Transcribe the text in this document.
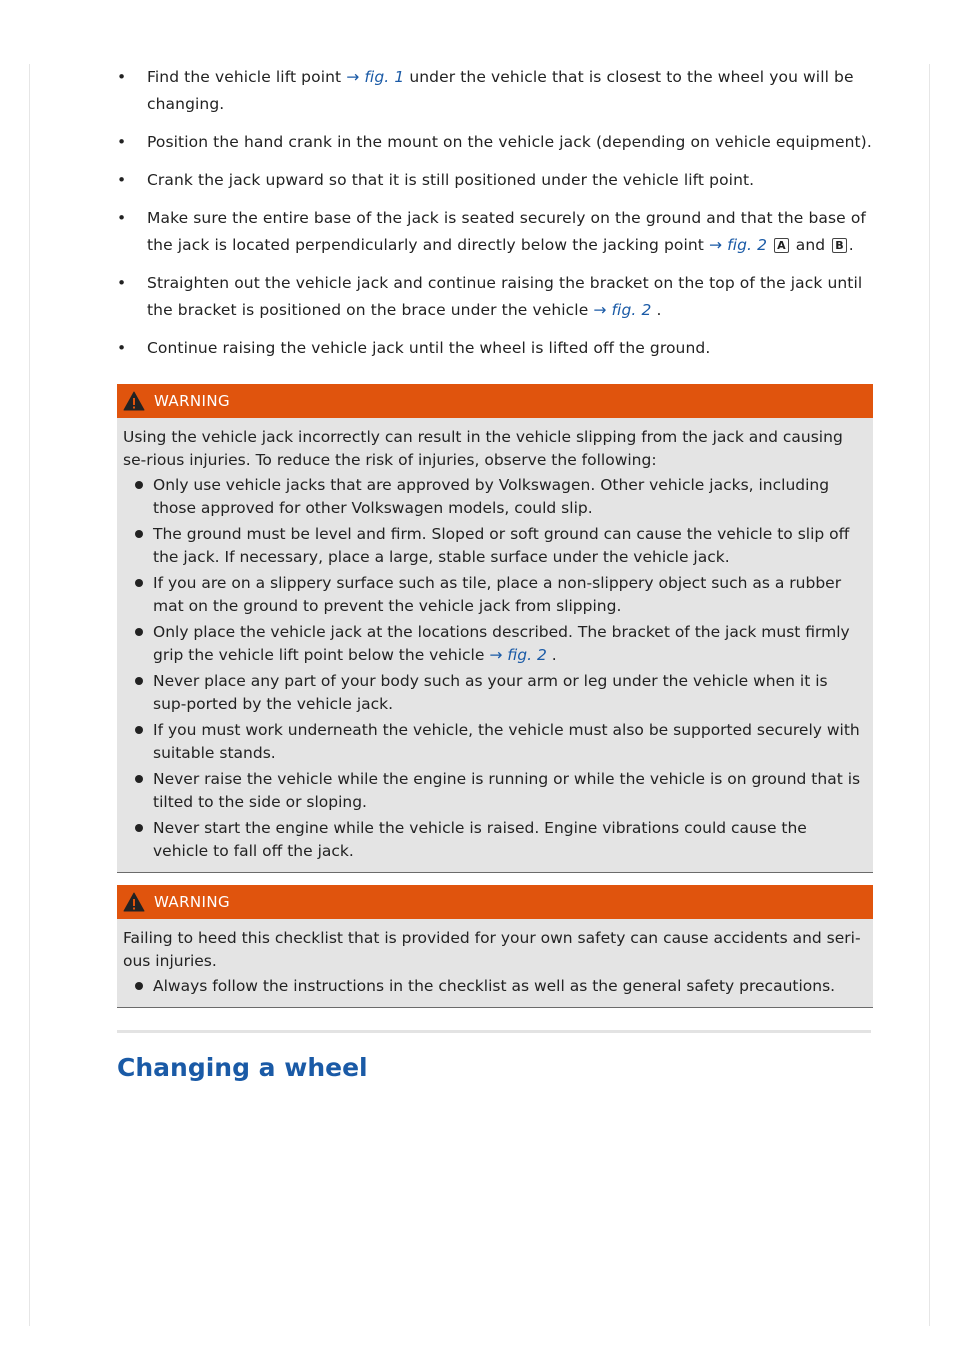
• Find the vehicle lift point → fig. 1 under the vehicle that is closest to the wheel you will be changing.
• Position the hand crank in the mount on the vehicle jack (depending on vehicle equipment).
• Crank the jack upward so that it is still positioned under the vehicle lift point.
• Make sure the entire base of the jack is seated securely on the ground and that the base of the jack is located perpendicularly and directly below the jacking point → fig. 2 A and B .
• Straighten out the vehicle jack and continue raising the bracket on the top of the jack until the bracket is positioned on the brace under the vehicle → fig. 2 .
• Continue raising the vehicle jack until the wheel is lifted off the ground.
WARNING

Using the vehicle jack incorrectly can result in the vehicle slipping from the jack and causing se-rious injuries. To reduce the risk of injuries, observe the following:

Only use vehicle jacks that are approved by Volkswagen. Other vehicle jacks, including those approved for other Volkswagen models, could slip.
The ground must be level and firm. Sloped or soft ground can cause the vehicle to slip off the jack. If necessary, place a large, stable surface under the vehicle jack.
If you are on a slippery surface such as tile, place a non-slippery object such as a rubber mat on the ground to prevent the vehicle jack from slipping.
Only place the vehicle jack at the locations described. The bracket of the jack must firmly grip the vehicle lift point below the vehicle → fig. 2 .
Never place any part of your body such as your arm or leg under the vehicle when it is sup-ported by the vehicle jack.
If you must work underneath the vehicle, the vehicle must also be supported securely with suitable stands.
Never raise the vehicle while the engine is running or while the vehicle is on ground that is tilted to the side or sloping.
Never start the engine while the vehicle is raised. Engine vibrations could cause the vehicle to fall off the jack.
WARNING

Failing to heed this checklist that is provided for your own safety can cause accidents and seri-ous injuries.

Always follow the instructions in the checklist as well as the general safety precautions.
Changing a wheel
